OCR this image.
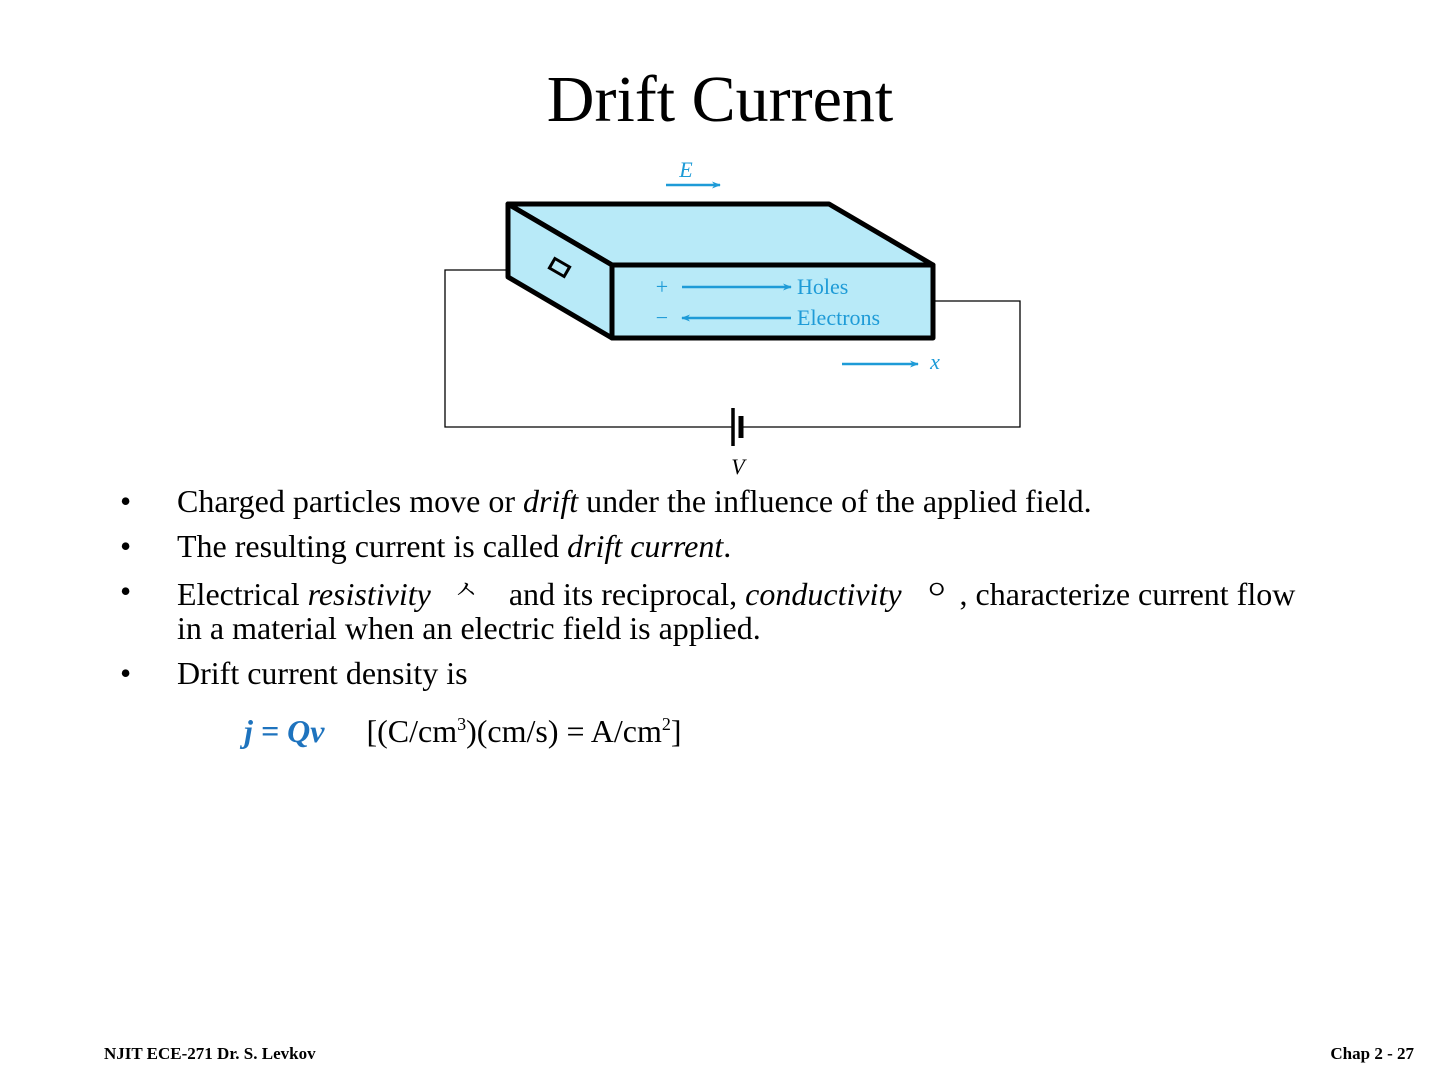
Drift Current
E
V
+	Holes
−	Electrons
x
• Charged particles move or drift under the influence of the applied field.
• The resulting current is called drift current.
• Electrical resistivity ㅅ and its reciprocal, conductivity ㅇ , characterize current flow in a material when an electric field is applied.
• Drift current density is
j = Qv $[(C/cm^3)(cm/s) = A/cm^2]$
NJIT ECE-271 Dr. S. Levkov	Chap 2 - 27
